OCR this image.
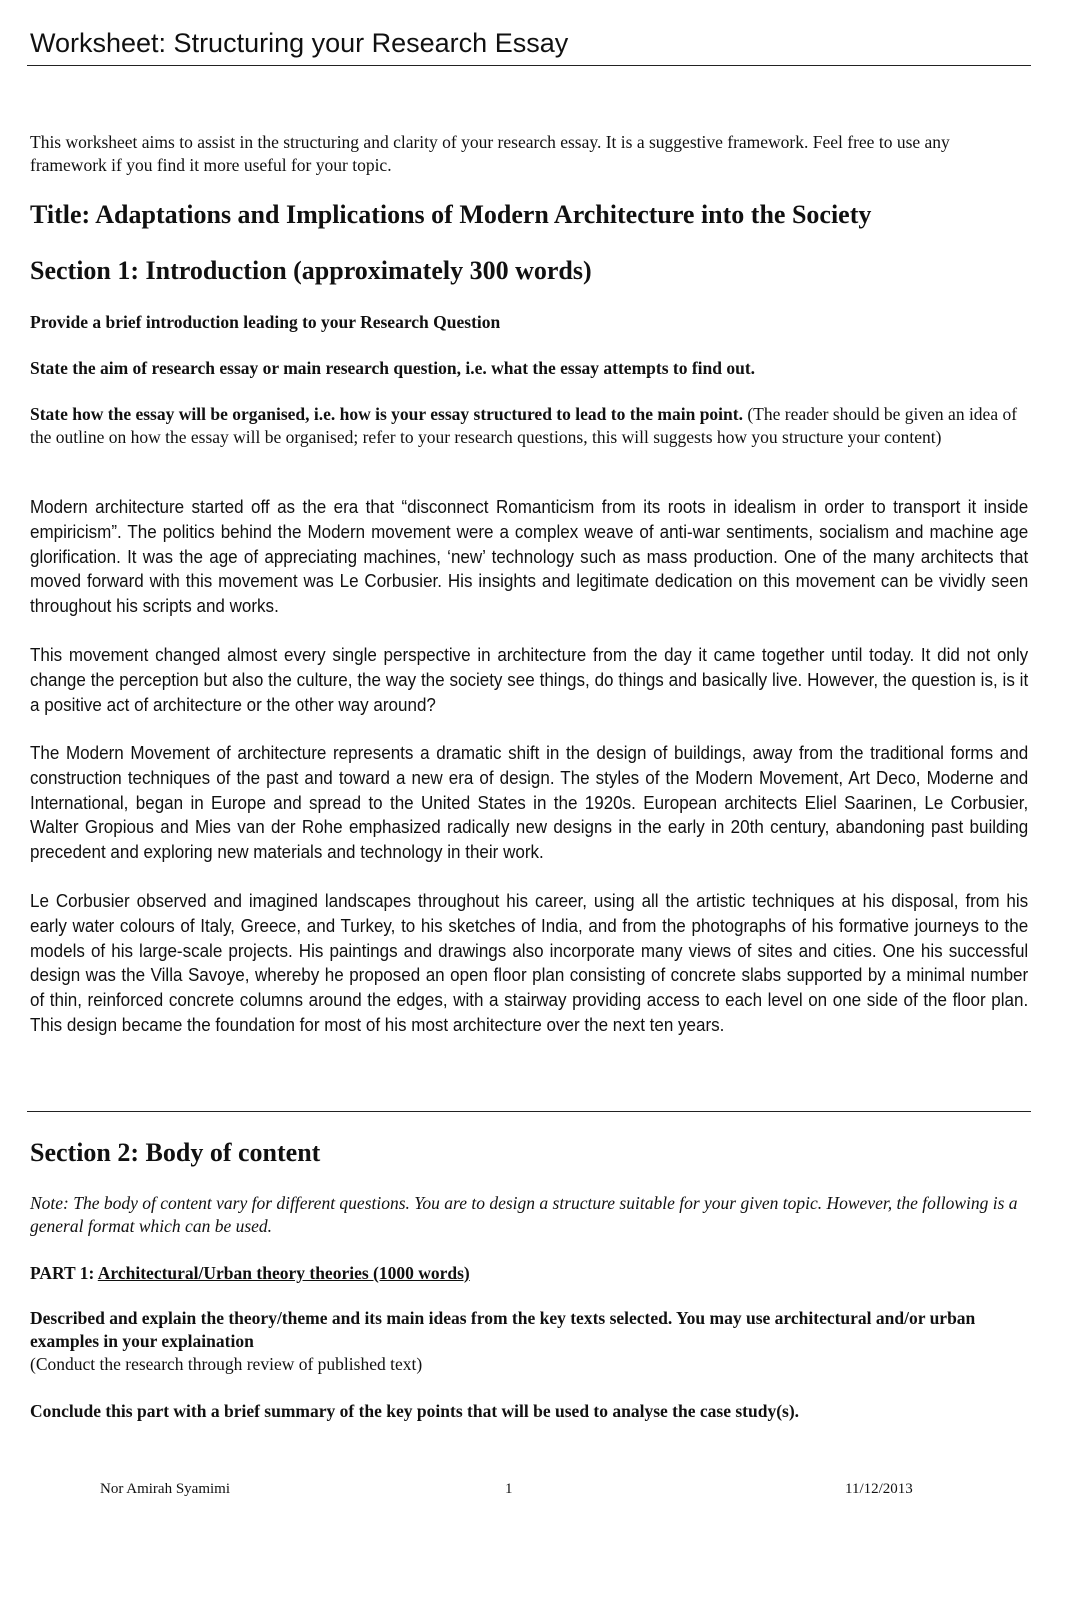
Worksheet: Structuring your Research Essay
This worksheet aims to assist in the structuring and clarity of your research essay. It is a suggestive framework. Feel free to use any framework if you find it more useful for your topic.
Title: Adaptations and Implications of Modern Architecture into the Society
Section 1: Introduction (approximately 300 words)
Provide a brief introduction leading to your Research Question
State the aim of research essay or main research question, i.e. what the essay attempts to find out.
State how the essay will be organised, i.e. how is your essay structured to lead to the main point. (The reader should be given an idea of the outline on how the essay will be organised; refer to your research questions, this will suggests how you structure your content)
Modern architecture started off as the era that “disconnect Romanticism from its roots in idealism in order to transport it inside empiricism”. The politics behind the Modern movement were a complex weave of anti-war sentiments, socialism and machine age glorification. It was the age of appreciating machines, ‘new’ technology such as mass production. One of the many architects that moved forward with this movement was Le Corbusier. His insights and legitimate dedication on this movement can be vividly seen throughout his scripts and works.
This movement changed almost every single perspective in architecture from the day it came together until today. It did not only change the perception but also the culture, the way the society see things, do things and basically live. However, the question is, is it a positive act of architecture or the other way around?
The Modern Movement of architecture represents a dramatic shift in the design of buildings, away from the traditional forms and construction techniques of the past and toward a new era of design. The styles of the Modern Movement, Art Deco, Moderne and International, began in Europe and spread to the United States in the 1920s. European architects Eliel Saarinen, Le Corbusier, Walter Gropious and Mies van der Rohe emphasized radically new designs in the early in 20th century, abandoning past building precedent and exploring new materials and technology in their work.
Le Corbusier observed and imagined landscapes throughout his career, using all the artistic techniques at his disposal, from his early water colours of Italy, Greece, and Turkey, to his sketches of India, and from the photographs of his formative journeys to the models of his large-scale projects. His paintings and drawings also incorporate many views of sites and cities. One his successful design was the Villa Savoye, whereby he proposed an open floor plan consisting of concrete slabs supported by a minimal number of thin, reinforced concrete columns around the edges, with a stairway providing access to each level on one side of the floor plan. This design became the foundation for most of his most architecture over the next ten years.
Section 2: Body of content
Note: The body of content vary for different questions. You are to design a structure suitable for your given topic. However, the following is a general format which can be used.
PART 1: Architectural/Urban theory theories (1000 words)
Described and explain the theory/theme and its main ideas from the key texts selected. You may use architectural and/or urban examples in your explaination
(Conduct the research through review of published text)
Conclude this part with a brief summary of the key points that will be used to analyse the case study(s).
Nor Amirah Syamimi	1	11/12/2013
